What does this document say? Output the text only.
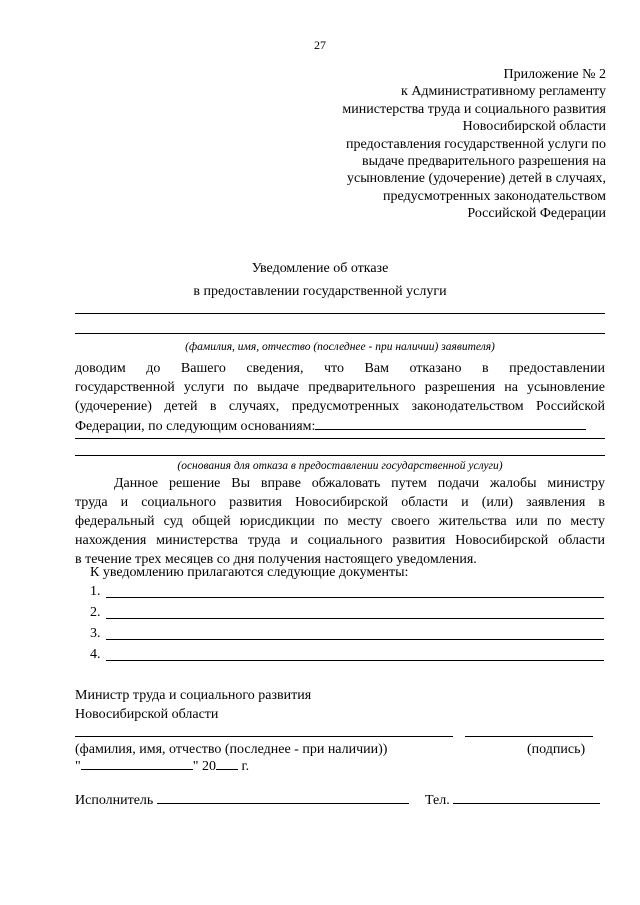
27
Приложение № 2
к Административному регламенту
министерства труда и социального развития
Новосибирской области
предоставления государственной услуги по
выдаче предварительного разрешения на
усыновление (удочерение) детей в случаях,
предусмотренных законодательством
Российской Федерации
Уведомление об отказе
в предоставлении государственной услуги
(фамилия, имя, отчество (последнее - при наличии) заявителя)
доводим до Вашего сведения, что Вам отказано в предоставлении
государственной услуги по выдаче предварительного разрешения на усыновление
(удочерение) детей в случаях, предусмотренных законодательством Российской
Федерации, по следующим основаниям:
(основания для отказа в предоставлении государственной услуги)
Данное решение Вы вправе обжаловать путем подачи жалобы министру
труда и социального развития Новосибирской области и (или) заявления в
федеральный суд общей юрисдикции по месту своего жительства или по месту
нахождения министерства труда и социального развития Новосибирской области
в течение трех месяцев со дня получения настоящего уведомления.
К уведомлению прилагаются следующие документы:
1.
2.
3.
4.
Министр труда и социального развития
Новосибирской области
(фамилия, имя, отчество (последнее - при наличии))	(подпись)
"	" 20 г.
Исполнитель	Тел.
